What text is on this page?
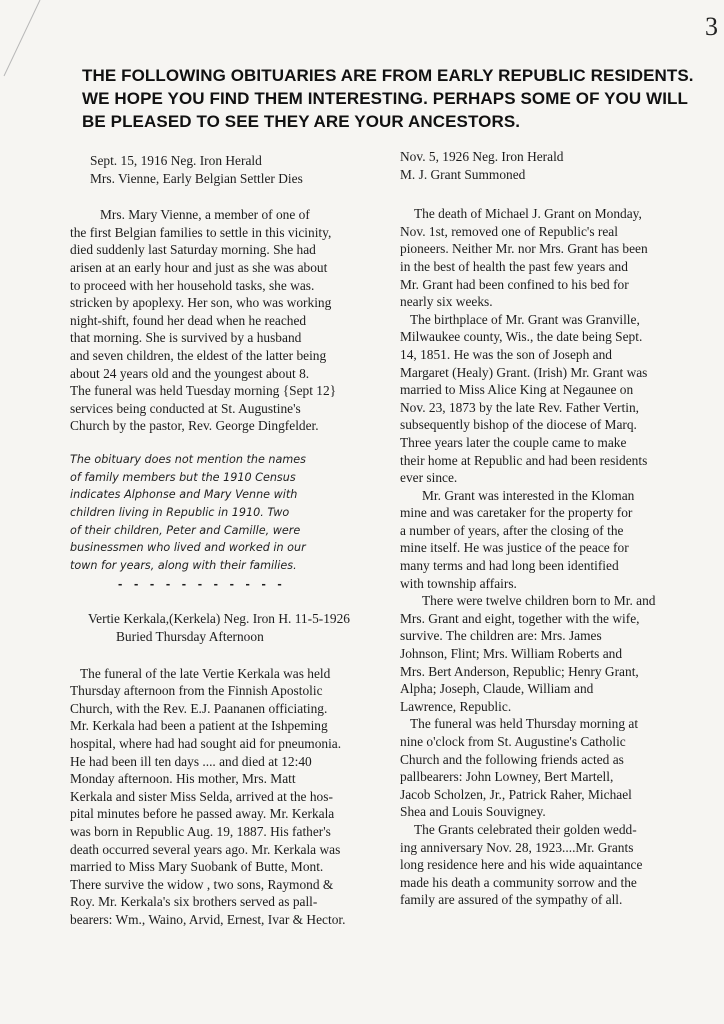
3
THE FOLLOWING OBITUARIES ARE FROM EARLY REPUBLIC RESIDENTS.
WE HOPE YOU FIND THEM INTERESTING. PERHAPS SOME OF YOU WILL
BE PLEASED TO SEE THEY ARE YOUR ANCESTORS.
Sept. 15, 1916 Neg. Iron Herald
Mrs. Vienne, Early Belgian Settler Dies
Mrs. Mary Vienne, a member of one of
the first Belgian families to settle in this vicinity,
died suddenly last Saturday morning. She had
arisen at an early hour and just as she was about
to proceed with her household tasks, she was.
stricken by apoplexy. Her son, who was working
night-shift, found her dead when he reached
that morning. She is survived by a husband
and seven children, the eldest of the latter being
about 24 years old and the youngest about 8.
The funeral was held Tuesday morning {Sept 12}
services being conducted at St. Augustine's
Church by the pastor, Rev. George Dingfelder.
The obituary does not mention the names
of family members but the 1910 Census
indicates Alphonse and Mary Venne with
children living in Republic in 1910. Two
of their children, Peter and Camille, were
businessmen who lived and worked in our
town for years, along with their families.
- - - - - - - - - - -
Vertie Kerkala,(Kerkela) Neg. Iron H. 11-5-1926
Buried Thursday Afternoon
The funeral of the late Vertie Kerkala was held
Thursday afternoon from the Finnish Apostolic
Church, with the Rev. E.J. Paananen officiating.
Mr. Kerkala had been a patient at the Ishpeming
hospital, where had had sought aid for pneumonia.
He had been ill ten days .... and died at 12:40
Monday afternoon. His mother, Mrs. Matt
Kerkala and sister Miss Selda, arrived at the hos-
pital minutes before he passed away. Mr. Kerkala
was born in Republic Aug. 19, 1887. His father's
death occurred several years ago. Mr. Kerkala was
married to Miss Mary Suobank of Butte, Mont.
There survive the widow , two sons, Raymond &
Roy. Mr. Kerkala's six brothers served as pall-
bearers: Wm., Waino, Arvid, Ernest, Ivar & Hector.
Nov. 5, 1926 Neg. Iron Herald
M. J. Grant Summoned
The death of Michael J. Grant on Monday,
Nov. 1st, removed one of Republic's real
pioneers. Neither Mr. nor Mrs. Grant has been
in the best of health the past few years and
Mr. Grant had been confined to his bed for
nearly six weeks.
The birthplace of Mr. Grant was Granville,
Milwaukee county, Wis., the date being Sept.
14, 1851. He was the son of Joseph and
Margaret (Healy) Grant. (Irish) Mr. Grant was
married to Miss Alice King at Negaunee on
Nov. 23, 1873 by the late Rev. Father Vertin,
subsequently bishop of the diocese of Marq.
Three years later the couple came to make
their home at Republic and had been residents
ever since.
Mr. Grant was interested in the Kloman
mine and was caretaker for the property for
a number of years, after the closing of the
mine itself. He was justice of the peace for
many terms and had long been identified
with township affairs.
There were twelve children born to Mr. and
Mrs. Grant and eight, together with the wife,
survive. The children are: Mrs. James
Johnson, Flint; Mrs. William Roberts and
Mrs. Bert Anderson, Republic; Henry Grant,
Alpha; Joseph, Claude, William and
Lawrence, Republic.
The funeral was held Thursday morning at
nine o'clock from St. Augustine's Catholic
Church and the following friends acted as
pallbearers: John Lowney, Bert Martell,
Jacob Scholzen, Jr., Patrick Raher, Michael
Shea and Louis Souvigney.
The Grants celebrated their golden wedd-
ing anniversary Nov. 28, 1923....Mr. Grants
long residence here and his wide aquaintance
made his death a community sorrow and the
family are assured of the sympathy of all.
